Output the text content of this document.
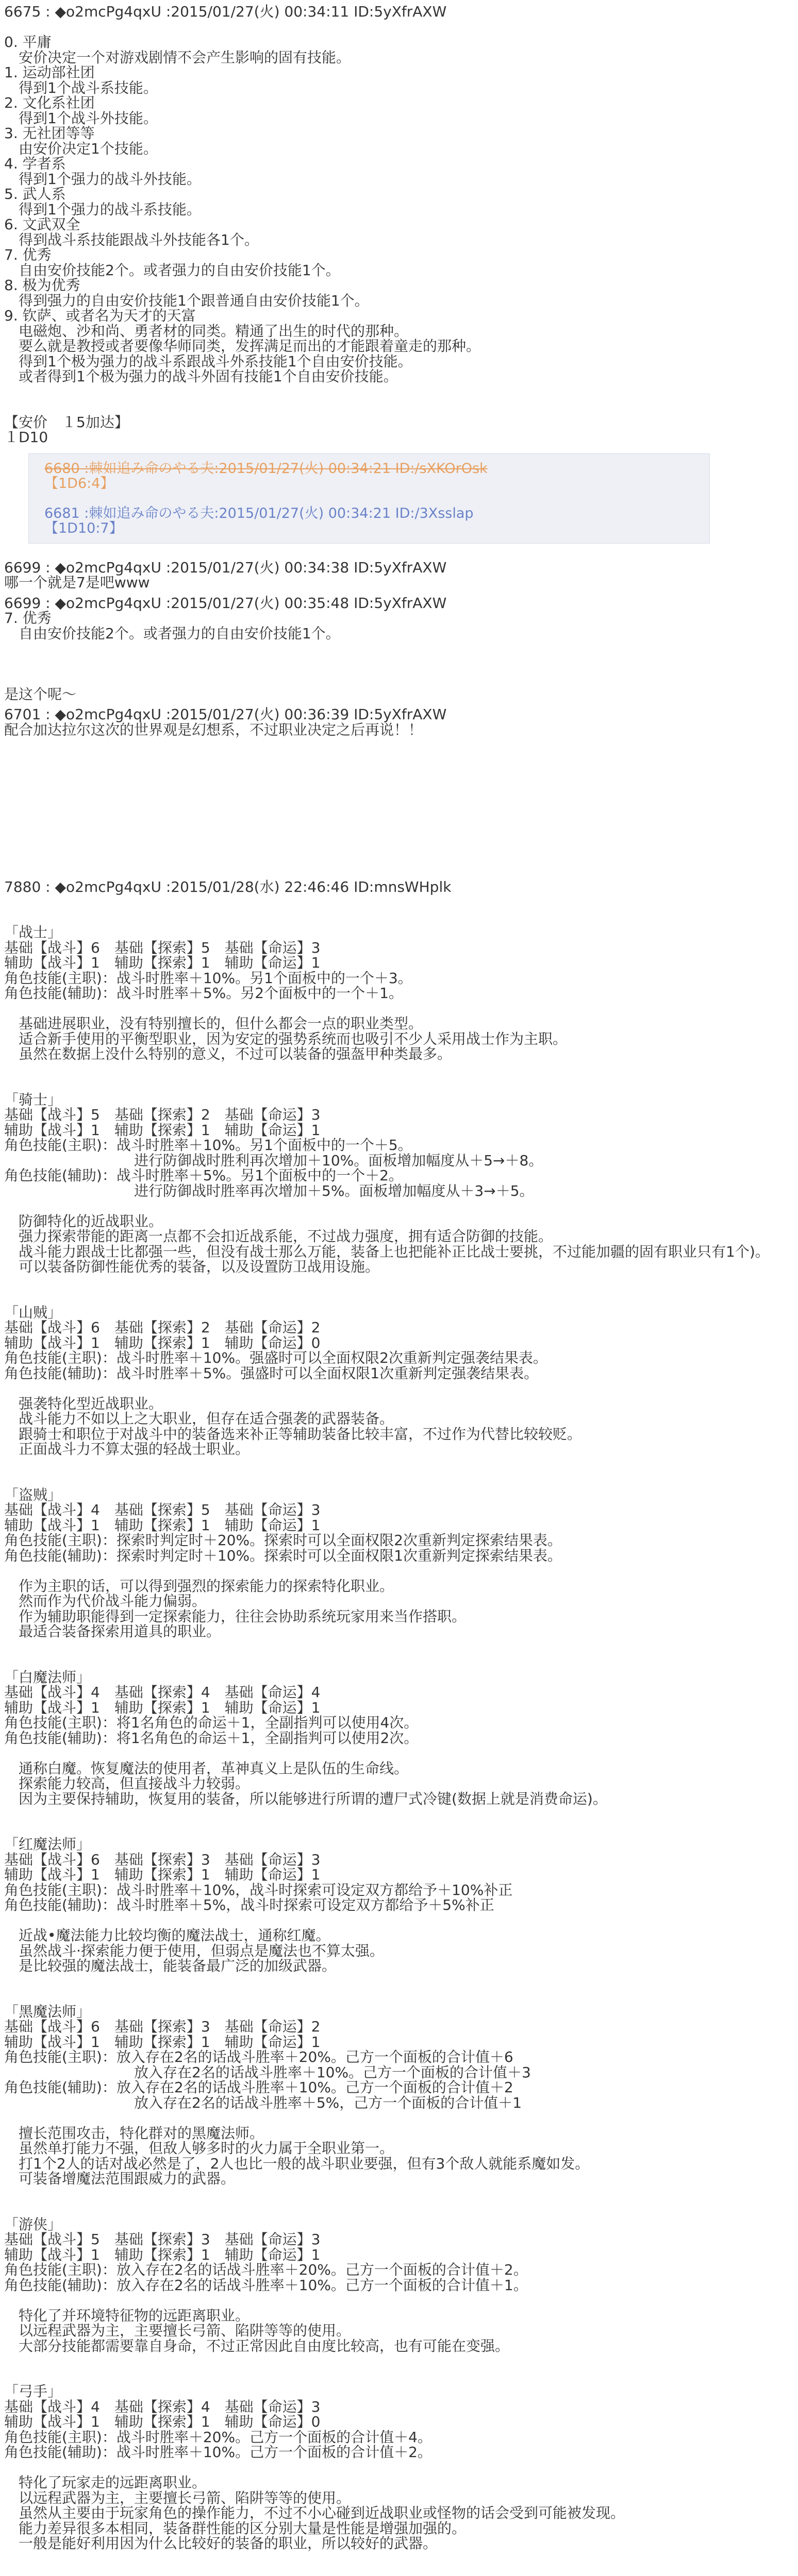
6675 : ◆o2mcPg4qxU :2015/01/27(火) 00:34:11 ID:5yXfrAXW
0. 平庸
　安价决定一个对游戏剧情不会产生影响的固有技能。
1. 运动部社团
　得到1个战斗系技能。
2. 文化系社团
　得到1个战斗外技能。
3. 无社团等等
　由安价决定1个技能。
4. 学者系
　得到1个强力的战斗外技能。
5. 武人系
　得到1个强力的战斗系技能。
6. 文武双全
　得到战斗系技能跟战斗外技能各1个。
7. 优秀
　自由安价技能2个。或者强力的自由安价技能1个。
8. 极为优秀
　得到强力的自由安价技能1个跟普通自由安价技能1个。
9. 钦萨、或者名为天才的天富
　电磁炮、沙和尚、勇者材的同类。精通了出生的时代的那种。
　要么就是教授或者要像华师同类，发挥满足而出的才能跟着童走的那种。
　得到1个极为强力的战斗系跟战斗外系技能1个自由安价技能。
　或者得到1个极为强力的战斗外固有技能1个自由安价技能。
【安价　１5加达】
１D10
6680 :棘如追み命のやる夫:2015/01/27(火) 00:34:21 ID:/sXKOrOsk
【1D6:4】
6681 :棘如追み命のやる夫:2015/01/27(火) 00:34:21 ID:/3Xsslap
【1D10:7】
6699 : ◆o2mcPg4qxU :2015/01/27(火) 00:34:38 ID:5yXfrAXW
哪一个就是7是吧www
6699 : ◆o2mcPg4qxU :2015/01/27(火) 00:35:48 ID:5yXfrAXW
7. 优秀
　自由安价技能2个。或者强力的自由安价技能1个。
是这个呢～
6701 : ◆o2mcPg4qxU :2015/01/27(火) 00:36:39 ID:5yXfrAXW
配合加达拉尔这次的世界观是幻想系，不过职业决定之后再说！！
7880 : ◆o2mcPg4qxU :2015/01/28(水) 22:46:46 ID:mnsWHplk
「战士」
基础【战斗】6　基础【探索】5　基础【命运】3
辅助【战斗】1　辅助【探索】1　辅助【命运】1
角色技能(主职)：战斗时胜率＋10%。另1个面板中的一个＋3。
角色技能(辅助)：战斗时胜率＋5%。另2个面板中的一个＋1。
　基础进展职业，没有特别擅长的，但什么都会一点的职业类型。
　适合新手使用的平衡型职业，因为安定的强势系统而也吸引不少人采用战士作为主职。
　虽然在数据上没什么特别的意义，不过可以装备的强盔甲种类最多。
「骑士」
基础【战斗】5　基础【探索】2　基础【命运】3
辅助【战斗】1　辅助【探索】1　辅助【命运】1
角色技能(主职)：战斗时胜率＋10%。另1个面板中的一个＋5。
　　　　　　　　　进行防御战时胜利再次增加＋10%。面板增加幅度从＋5→＋8。
角色技能(辅助)：战斗时胜率＋5%。另1个面板中的一个＋2。
　　　　　　　　　进行防御战时胜率再次增加＋5%。面板增加幅度从＋3→＋5。
　防御特化的近战职业。
　强力探索带能的距离一点都不会扣近战系能，不过战力强度，拥有适合防御的技能。
　战斗能力跟战士比都强一些，但没有战士那么万能，装备上也把能补正比战士要挑，不过能加疆的固有职业只有1个)。
　可以装备防御性能优秀的装备，以及设置防卫战用设施。
「山贼」
基础【战斗】6　基础【探索】2　基础【命运】2
辅助【战斗】1　辅助【探索】1　辅助【命运】0
角色技能(主职)：战斗时胜率＋10%。强盛时可以全面权限2次重新判定强袭结果表。
角色技能(辅助)：战斗时胜率＋5%。强盛时可以全面权限1次重新判定强袭结果表。
　强袭特化型近战职业。
　战斗能力不如以上之大职业，但存在适合强袭的武器装备。
　跟骑士和职位于对战斗中的装备选来补正等辅助装备比较丰富，不过作为代替比较较贬。
　正面战斗力不算太强的轻战士职业。
「盗贼」
基础【战斗】4　基础【探索】5　基础【命运】3
辅助【战斗】1　辅助【探索】1　辅助【命运】1
角色技能(主职)：探索时判定时＋20%。探索时可以全面权限2次重新判定探索结果表。
角色技能(辅助)：探索时判定时＋10%。探索时可以全面权限1次重新判定探索结果表。
　作为主职的话，可以得到强烈的探索能力的探索特化职业。
　然而作为代价战斗能力偏弱。
　作为辅助职能得到一定探索能力，往往会协助系统玩家用来当作搭职。
　最适合装备探索用道具的职业。
「白魔法师」
基础【战斗】4　基础【探索】4　基础【命运】4
辅助【战斗】1　辅助【探索】1　辅助【命运】1
角色技能(主职)：将1名角色的命运＋1，全副指判可以使用4次。
角色技能(辅助)：将1名角色的命运＋1，全副指判可以使用2次。
　通称白魔。恢复魔法的使用者，革神真义上是队伍的生命线。
　探索能力较高，但直接战斗力较弱。
　因为主要保持辅助，恢复用的装备，所以能够进行所谓的遭尸式冷键(数据上就是消费命运)。
「红魔法师」
基础【战斗】6　基础【探索】3　基础【命运】3
辅助【战斗】1　辅助【探索】1　辅助【命运】1
角色技能(主职)：战斗时胜率＋10%，战斗时探索可设定双方都给予＋10%补正
角色技能(辅助)：战斗时胜率＋5%，战斗时探索可设定双方都给予＋5%补正
　近战•魔法能力比较均衡的魔法战士，通称红魔。
　虽然战斗·探索能力便于使用，但弱点是魔法也不算太强。
　是比较强的魔法战士，能装备最广泛的加级武器。
「黑魔法师」
基础【战斗】6　基础【探索】3　基础【命运】2
辅助【战斗】1　辅助【探索】1　辅助【命运】1
角色技能(主职)：放入存在2名的话战斗胜率＋20%。己方一个面板的合计值＋6
　　　　　　　　　放入存在2名的话战斗胜率＋10%。己方一个面板的合计值＋3
角色技能(辅助)：放入存在2名的话战斗胜率＋10%。己方一个面板的合计值＋2
　　　　　　　　　放入存在2名的话战斗胜率＋5%，己方一个面板的合计值＋1
　擅长范围攻击，特化群对的黑魔法师。
　虽然单打能力不强，但敌人够多时的火力属于全职业第一。
　打1个2人的话对战必然是了，2人也比一般的战斗职业要强，但有3个敌人就能系魔如发。
　可装备增魔法范围跟威力的武器。
「游侠」
基础【战斗】5　基础【探索】3　基础【命运】3
辅助【战斗】1　辅助【探索】1　辅助【命运】1
角色技能(主职)：放入存在2名的话战斗胜率＋20%。己方一个面板的合计值＋2。
角色技能(辅助)：放入存在2名的话战斗胜率＋10%。己方一个面板的合计值＋1。
　特化了并环境特征物的远距离职业。
　以远程武器为主，主要擅长弓箭、陷阱等等的使用。
　大部分技能都需要靠自身命，不过正常因此自由度比较高，也有可能在变强。
「弓手」
基础【战斗】4　基础【探索】4　基础【命运】3
辅助【战斗】1　辅助【探索】1　辅助【命运】0
角色技能(主职)：战斗时胜率＋20%。己方一个面板的合计值＋4。
角色技能(辅助)：战斗时胜率＋10%。己方一个面板的合计值＋2。
　特化了玩家走的远距离职业。
　以远程武器为主，主要擅长弓箭、陷阱等等的使用。
　虽然从主要由于玩家角色的操作能力，不过不小心碰到近战职业或怪物的话会受到可能被发现。
　能力差异很多本相同，装备群性能的区分别大量是性能是增强加强的。
　一般是能好利用因为什么比较好的装备的职业，所以较好的武器。
